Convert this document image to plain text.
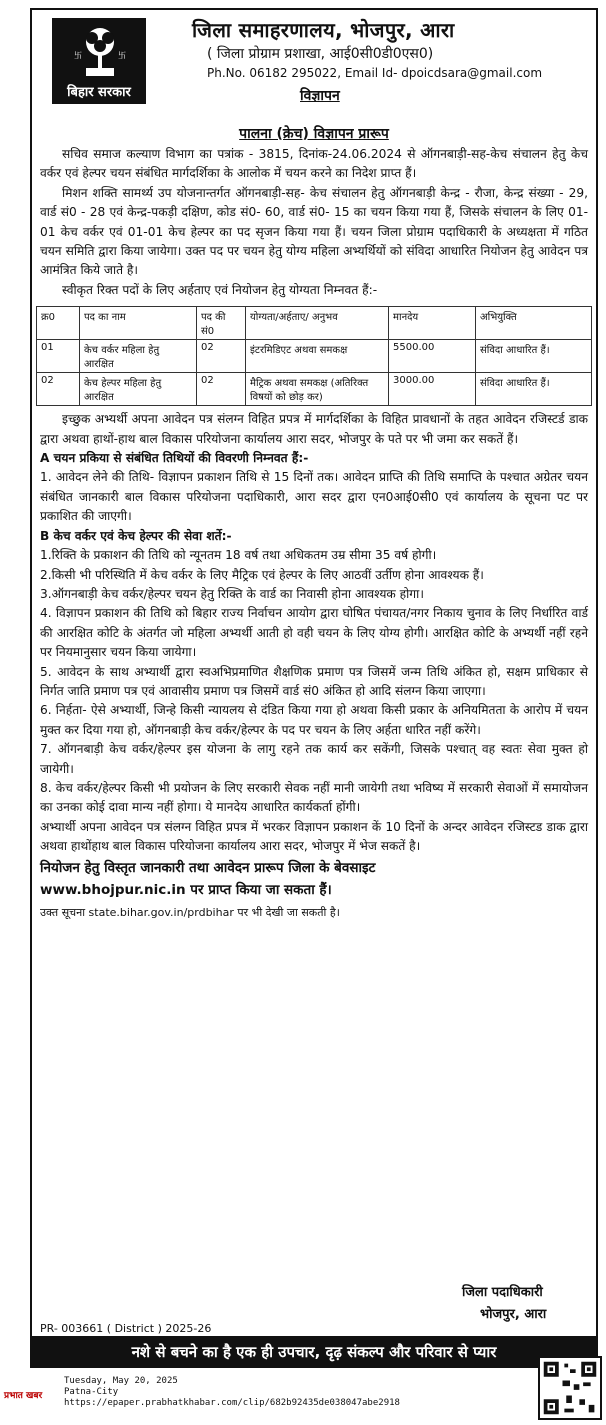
卐	卐
बिहार सरकार
जिला समाहरणालय, भोजपुर, आरा
( जिला प्रोग्राम प्रशाखा, आई0सी0डी0एस0)
Ph.No. 06182 295022, Email Id- dpoicdsara@gmail.com
विज्ञापन
पालना (क्रेच) विज्ञापन प्रारूप

सचिव समाज कल्याण विभाग का पत्रांक - 3815, दिनांक-24.06.2024 से ऑगनबाड़ी-सह-केच संचालन हेतु केच वर्कर एवं हेल्पर चयन संबंधित मार्गदर्शिका के आलोक में चयन करने का निदेश प्राप्त हैं।

मिशन शक्ति सामर्थ्य उप योजनान्तर्गत ऑगनबाड़ी-सह- केच संचालन हेतु ऑगनबाड़ी केन्द्र - रौजा, केन्द्र संख्या - 29, वार्ड सं0 - 28 एवं केन्द्र-पकड़ी दक्षिण, कोड सं0- 60, वार्ड सं0- 15 का चयन किया गया हैं, जिसके संचालन के लिए 01-01 केच वर्कर एवं 01-01 केच हेल्पर का पद सृजन किया गया हैं। चयन जिला प्रोग्राम पदाधिकारी के अध्यक्षता में गठित चयन समिति द्वारा किया जायेगा। उक्त पद पर चयन हेतु योग्य महिला अभ्यर्थियों को संविदा आधारित नियोजन हेतु आवेदन पत्र आमंत्रित किये जाते है।

स्वीकृत रिक्त पदों के लिए अर्हताए एवं नियोजन हेतु योग्यता निम्नवत हैं:-

क्र0	पद का नाम	पद की सं0	योग्यता/अर्हताए/ अनुभव	मानदेय	अभियुक्ति
01	केच वर्कर महिला हेतु आरक्षित	02	इंटरमिडिएट अथवा समकक्ष	5500.00	संविदा आधारित हैं।
02	केच हेल्पर महिला हेतु आरक्षित	02	मैट्रिक अथवा समकक्ष (अतिरिक्त विषयों को छोड़ कर)	3000.00	संविदा आधारित हैं।

इच्छुक अभ्यर्थी अपना आवेदन पत्र संलग्न विहित प्रपत्र में मार्गदर्शिका के विहित प्रावधानों के तहत आवेदन रजिस्टर्ड डाक द्वारा अथवा हाथों-हाथ बाल विकास परियोजना कार्यालय आरा सदर, भोजपुर के पते पर भी जमा कर सकतें हैं।

A चयन प्रकिया से संबंधित तिथियों की विवरणी निम्नवत हैं:-

1. आवेदन लेने की तिथि- विज्ञापन प्रकाशन तिथि से 15 दिनों तक। आवेदन प्राप्ति की तिथि समाप्ति के पश्चात अग्रेतर चयन संबंधित जानकारी बाल विकास परियोजना पदाधिकारी, आरा सदर द्वारा एन0आई0सी0 एवं कार्यालय के सूचना पट पर प्रकाशित की जाएगी।

B केच वर्कर एवं केच हेल्पर की सेवा शर्ते:-

1.रिक्ति के प्रकाशन की तिथि को न्यूनतम 18 वर्ष तथा अधिकतम उम्र सीमा 35 वर्ष होगी।

2.किसी भी परिस्थिति में केच वर्कर के लिए मैट्रिक एवं हेल्पर के लिए आठवीं उर्तीण होना आवश्यक हैं।

3.ऑगनबाड़ी केच वर्कर/हेल्पर चयन हेतु रिक्ति के वार्ड का निवासी होना आवश्यक होगा।

4. विज्ञापन प्रकाशन की तिथि को बिहार राज्य निर्वाचन आयोग द्वारा घोषित पंचायत/नगर निकाय चुनाव के लिए निर्धारित वार्ड की आरक्षित कोटि के अंतर्गत जो महिला अभ्यर्थी आती हो वही चयन के लिए योग्य होगी। आरक्षित कोटि के अभ्यर्थी नहीं रहने पर नियमानुसार चयन किया जायेगा।

5. आवेदन के साथ अभ्यार्थी द्वारा स्वअभिप्रमाणित शैक्षणिक प्रमाण पत्र जिसमें जन्म तिथि अंकित हो, सक्षम प्राधिकार से निर्गत जाति प्रमाण पत्र एवं आवासीय प्रमाण पत्र जिसमें वार्ड सं0 अंकित हो आदि संलग्न किया जाएगा।

6. निर्हता- ऐसे अभ्यार्थी, जिन्हे किसी न्यायलय से दंडित किया गया हो अथवा किसी प्रकार के अनियमितता के आरोप में चयन मुक्त कर दिया गया हो, ऑगनबाड़ी केच वर्कर/हेल्पर के पद पर चयन के लिए अर्हता धारित नहीं करेंगे।

7. ऑगनबाड़ी केच वर्कर/हेल्पर इस योजना के लागु रहने तक कार्य कर सकेंगी, जिसके पश्चात् वह स्वतः सेवा मुक्त हो जायेगी।

8. केच वर्कर/हेल्पर किसी भी प्रयोजन के लिए सरकारी सेवक नहीं मानी जायेगी तथा भविष्य में सरकारी सेवाओं में समायोजन का उनका कोई दावा मान्य नहीं होगा। ये मानदेय आधारित कार्यकर्ता होंगी।

अभ्यार्थी अपना आवेदन पत्र संलग्न विहित प्रपत्र में भरकर विज्ञापन प्रकाशन कें 10 दिनों के अन्दर आवेदन रजिस्टड डाक द्वारा अथवा हाथोंहाथ बाल विकास परियोजना कार्यालय आरा सदर, भोजपुर में भेज सकतें है।

नियोजन हेतु विस्तृत जानकारी तथा आवेदन प्रारूप जिला के बेवसाइट
www.bhojpur.nic.in पर प्राप्त किया जा सकता हैं।
उक्त सूचना state.bihar.gov.in/prdbihar पर भी देखी जा सकती है।
जिला पदाधिकारी
भोजपुर, आरा
PR- 003661 ( District ) 2025-26
नशे से बचने का है एक ही उपचार, दृढ़ संकल्प और परिवार से प्यार
प्रभात खबर
Tuesday, May 20, 2025
Patna-City
https://epaper.prabhatkhabar.com/clip/682b92435de038047abe2918
